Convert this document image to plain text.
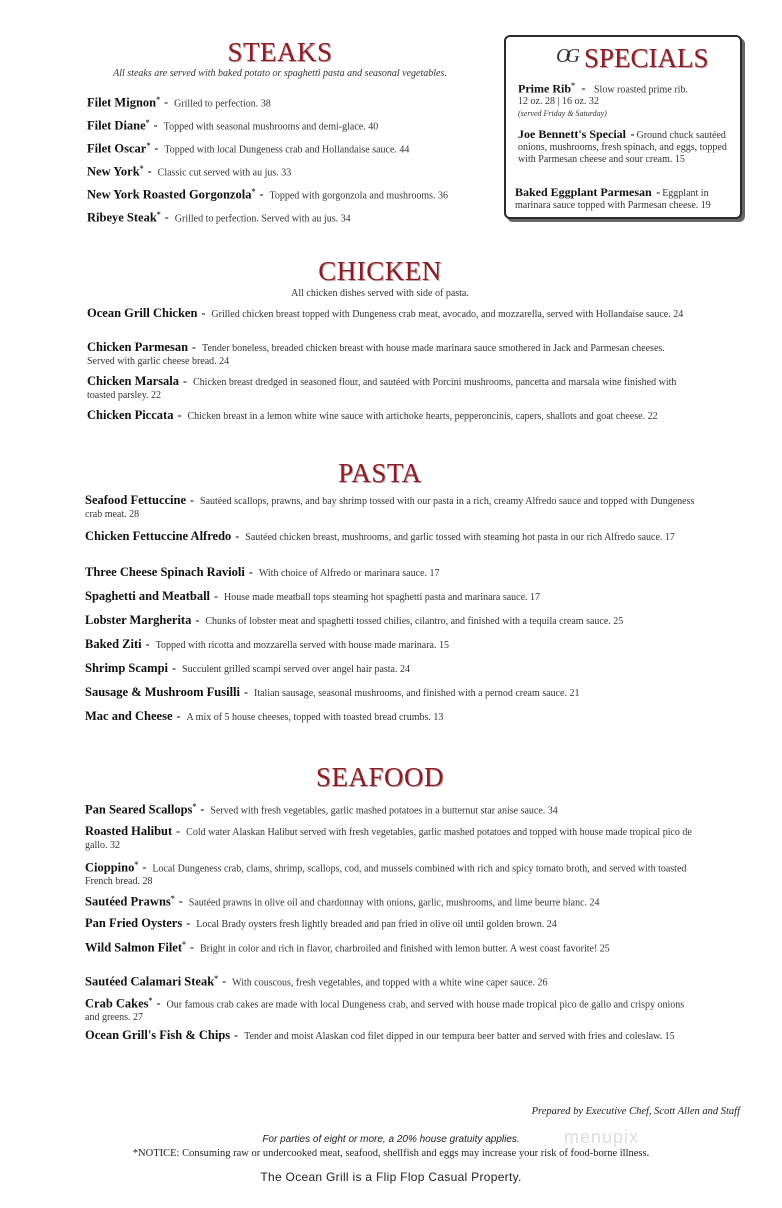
STEAKS
All steaks are served with baked potato or spaghetti pasta and seasonal vegetables.
Filet Mignon* - Grilled to perfection. 38
Filet Diane* - Topped with seasonal mushrooms and demi-glace. 40
Filet Oscar* - Topped with local Dungeness crab and Hollandaise sauce. 44
New York* - Classic cut served with au jus. 33
New York Roasted Gorgonzola* - Topped with gorgonzola and mushrooms. 36
Ribeye Steak* - Grilled to perfection. Served with au jus. 34
OG SPECIALS
Prime Rib* - Slow roasted prime rib.
12 oz. 28 | 16 oz. 32
(served Friday & Saturday)
Joe Bennett's Special - Ground chuck sautéed onions, mushrooms, fresh spinach, and eggs, topped with Parmesan cheese and sour cream. 15
Baked Eggplant Parmesan - Eggplant in marinara sauce topped with Parmesan cheese. 19
CHICKEN
All chicken dishes served with side of pasta.
Ocean Grill Chicken - Grilled chicken breast topped with Dungeness crab meat, avocado, and mozzarella, served with Hollandaise sauce. 24
Chicken Parmesan - Tender boneless, breaded chicken breast with house made marinara sauce smothered in Jack and Parmesan cheeses. Served with garlic cheese bread. 24
Chicken Marsala - Chicken breast dredged in seasoned flour, and sautéed with Porcini mushrooms, pancetta and marsala wine finished with toasted parsley. 22
Chicken Piccata - Chicken breast in a lemon white wine sauce with artichoke hearts, pepperoncinis, capers, shallots and goat cheese. 22
PASTA
Seafood Fettuccine - Sautéed scallops, prawns, and bay shrimp tossed with our pasta in a rich, creamy Alfredo sauce and topped with Dungeness crab meat. 28
Chicken Fettuccine Alfredo - Sautéed chicken breast, mushrooms, and garlic tossed with steaming hot pasta in our rich Alfredo sauce. 17
Three Cheese Spinach Ravioli - With choice of Alfredo or marinara sauce. 17
Spaghetti and Meatball - House made meatball tops steaming hot spaghetti pasta and marinara sauce. 17
Lobster Margherita - Chunks of lobster meat and spaghetti tossed chilies, cilantro, and finished with a tequila cream sauce. 25
Baked Ziti - Topped with ricotta and mozzarella served with house made marinara. 15
Shrimp Scampi - Succulent grilled scampi served over angel hair pasta. 24
Sausage & Mushroom Fusilli - Italian sausage, seasonal mushrooms, and finished with a pernod cream sauce. 21
Mac and Cheese - A mix of 5 house cheeses, topped with toasted bread crumbs. 13
SEAFOOD
Pan Seared Scallops* - Served with fresh vegetables, garlic mashed potatoes in a butternut star anise sauce. 34
Roasted Halibut - Cold water Alaskan Halibut served with fresh vegetables, garlic mashed potatoes and topped with house made tropical pico de gallo. 32
Cioppino* - Local Dungeness crab, clams, shrimp, scallops, cod, and mussels combined with rich and spicy tomato broth, and served with toasted French bread. 28
Sautéed Prawns* - Sautéed prawns in olive oil and chardonnay with onions, garlic, mushrooms, and lime beurre blanc. 24
Pan Fried Oysters - Local Brady oysters fresh lightly breaded and pan fried in olive oil until golden brown. 24
Wild Salmon Filet* - Bright in color and rich in flavor, charbroiled and finished with lemon butter. A west coast favorite! 25
Sautéed Calamari Steak* - With couscous, fresh vegetables, and topped with a white wine caper sauce. 26
Crab Cakes* - Our famous crab cakes are made with local Dungeness crab, and served with house made tropical pico de gallo and crispy onions and greens. 27
Ocean Grill's Fish & Chips - Tender and moist Alaskan cod filet dipped in our tempura beer batter and served with fries and coleslaw. 15
Prepared by Executive Chef, Scott Allen and Staff
menupix
For parties of eight or more, a 20% house gratuity applies.
*NOTICE: Consuming raw or undercooked meat, seafood, shellfish and eggs may increase your risk of food-borne illness.
The Ocean Grill is a Flip Flop Casual Property.
